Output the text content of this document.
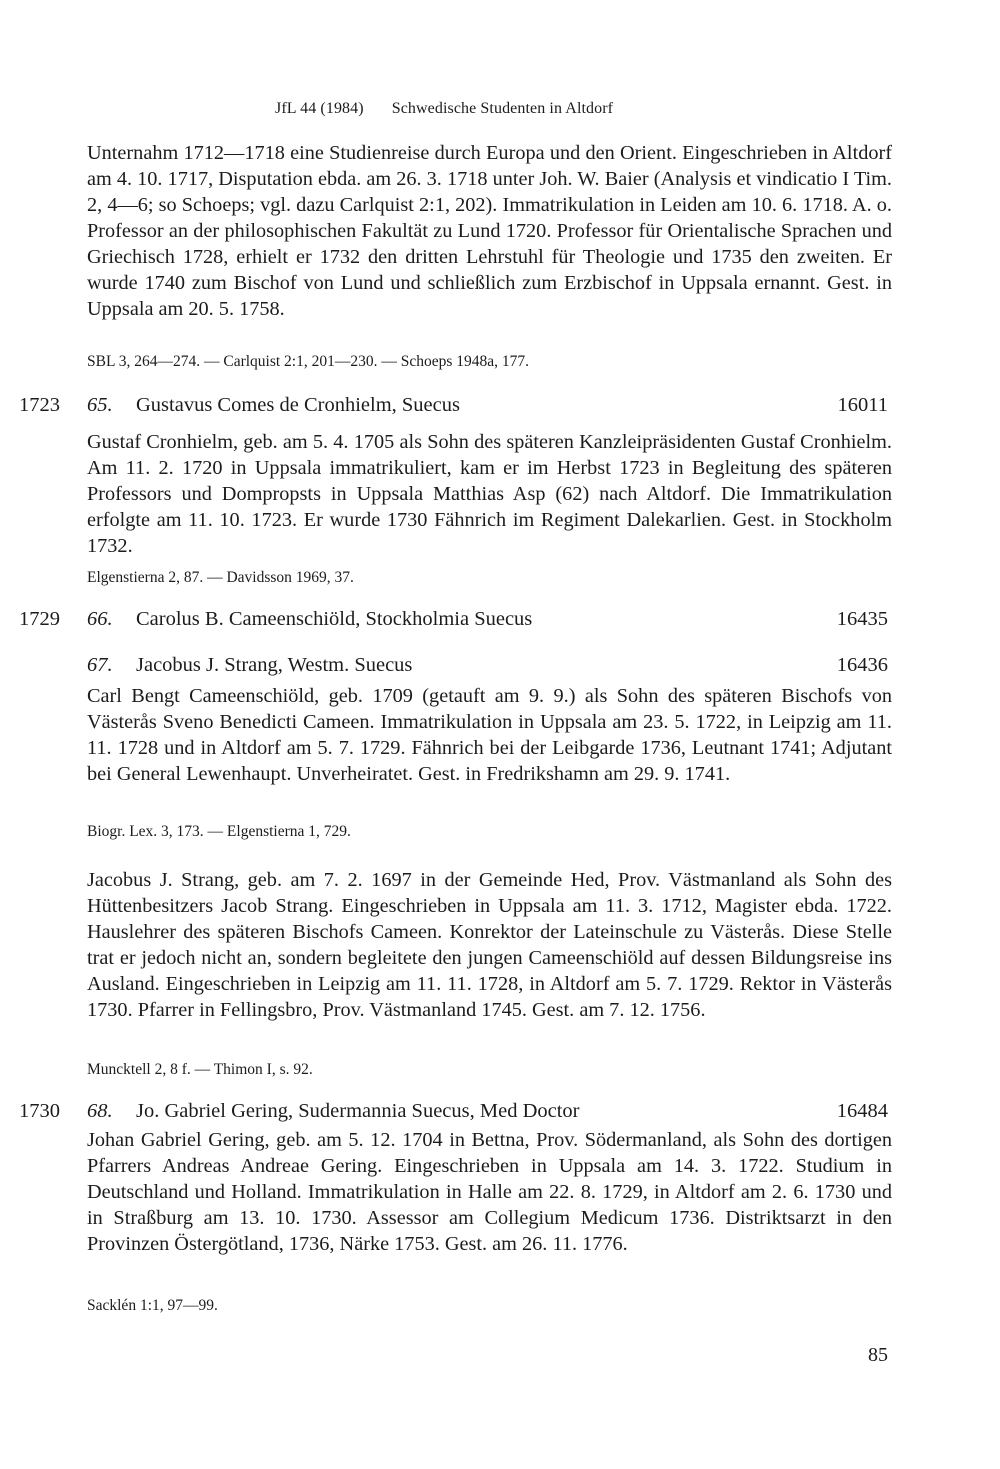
JfL 44 (1984) Schwedische Studenten in Altdorf

Unternahm 1712—1718 eine Studienreise durch Europa und den Orient. Eingeschrieben in Altdorf am 4. 10. 1717, Disputation ebda. am 26. 3. 1718 unter Joh. W. Baier (Analysis et vindicatio I Tim. 2, 4—6; so Schoeps; vgl. dazu Carlquist 2:1, 202). Immatrikulation in Leiden am 10. 6. 1718. A. o. Professor an der philosophischen Fakultät zu Lund 1720. Professor für Orientalische Sprachen und Griechisch 1728, erhielt er 1732 den dritten Lehrstuhl für Theologie und 1735 den zweiten. Er wurde 1740 zum Bischof von Lund und schließlich zum Erzbischof in Uppsala ernannt. Gest. in Uppsala am 20. 5. 1758.

SBL 3, 264—274. — Carlquist 2:1, 201—230. — Schoeps 1948a, 177.

1723 65. Gustavus Comes de Cronhielm, Suecus	16011

Gustaf Cronhielm, geb. am 5. 4. 1705 als Sohn des späteren Kanzleipräsidenten Gustaf Cronhielm. Am 11. 2. 1720 in Uppsala immatrikuliert, kam er im Herbst 1723 in Begleitung des späteren Professors und Dompropsts in Uppsala Matthias Asp (62) nach Altdorf. Die Immatrikulation erfolgte am 11. 10. 1723. Er wurde 1730 Fähnrich im Regiment Dalekarlien. Gest. in Stockholm 1732.

Elgenstierna 2, 87. — Davidsson 1969, 37.

1729 66. Carolus B. Cameenschiöld, Stockholmia Suecus	16435
67. Jacobus J. Strang, Westm. Suecus	16436

Carl Bengt Cameenschiöld, geb. 1709 (getauft am 9. 9.) als Sohn des späteren Bischofs von Västerås Sveno Benedicti Cameen. Immatrikulation in Uppsala am 23. 5. 1722, in Leipzig am 11. 11. 1728 und in Altdorf am 5. 7. 1729. Fähnrich bei der Leibgarde 1736, Leutnant 1741; Adjutant bei General Lewenhaupt. Unverheiratet. Gest. in Fredrikshamn am 29. 9. 1741.

Biogr. Lex. 3, 173. — Elgenstierna 1, 729.

Jacobus J. Strang, geb. am 7. 2. 1697 in der Gemeinde Hed, Prov. Västmanland als Sohn des Hüttenbesitzers Jacob Strang. Eingeschrieben in Uppsala am 11. 3. 1712, Magister ebda. 1722. Hauslehrer des späteren Bischofs Cameen. Konrektor der Lateinschule zu Västerås. Diese Stelle trat er jedoch nicht an, sondern begleitete den jungen Cameenschiöld auf dessen Bildungsreise ins Ausland. Eingeschrieben in Leipzig am 11. 11. 1728, in Altdorf am 5. 7. 1729. Rektor in Västerås 1730. Pfarrer in Fellingsbro, Prov. Västmanland 1745. Gest. am 7. 12. 1756.

Muncktell 2, 8 f. — Thimon I, s. 92.

1730 68. Jo. Gabriel Gering, Sudermannia Suecus, Med Doctor	16484

Johan Gabriel Gering, geb. am 5. 12. 1704 in Bettna, Prov. Södermanland, als Sohn des dortigen Pfarrers Andreas Andreae Gering. Eingeschrieben in Uppsala am 14. 3. 1722. Studium in Deutschland und Holland. Immatrikulation in Halle am 22. 8. 1729, in Altdorf am 2. 6. 1730 und in Straßburg am 13. 10. 1730. Assessor am Collegium Medicum 1736. Distriktsarzt in den Provinzen Östergötland, 1736, Närke 1753. Gest. am 26. 11. 1776.

Sacklén 1:1, 97—99.

85
